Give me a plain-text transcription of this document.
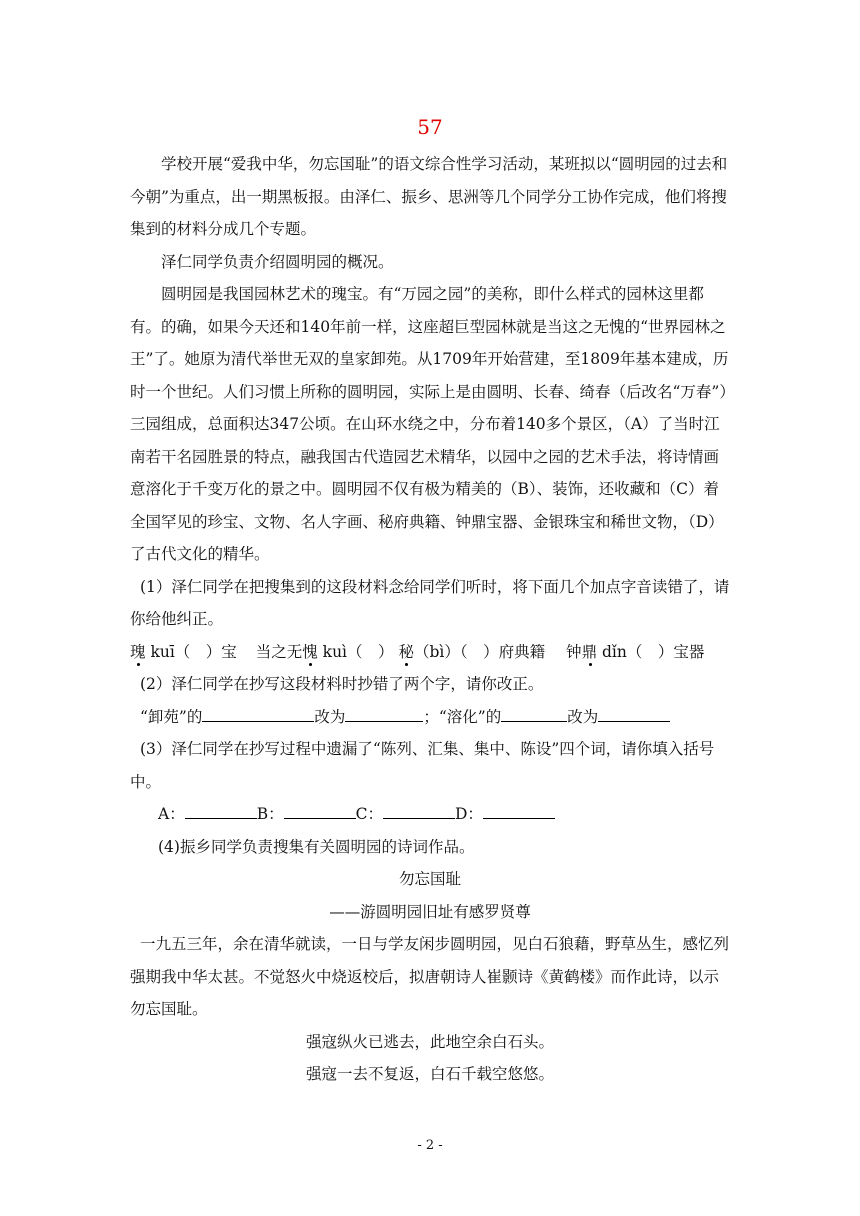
57

学校开展“爱我中华，勿忘国耻”的语文综合性学习活动，某班拟以“圆明园的过去和今朝”为重点，出一期黑板报。由泽仁、振乡、思洲等几个同学分工协作完成，他们将搜集到的材料分成几个专题。

泽仁同学负责介绍圆明园的概况。

圆明园是我国园林艺术的瑰宝。有“万园之园”的美称，即什么样式的园林这里都有。的确，如果今天还和140年前一样，这座超巨型园林就是当这之无愧的“世界园林之王”了。她原为清代举世无双的皇家卸苑。从1709年开始营建，至1809年基本建成，历时一个世纪。人们习惯上所称的圆明园，实际上是由圆明、长春、绮春（后改名“万春”）三园组成，总面积达347公顷。在山环水绕之中，分布着140多个景区，（A）了当时江南若干名园胜景的特点，融我国古代造园艺术精华，以园中之园的艺术手法，将诗情画意溶化于千变万化的景之中。圆明园不仅有极为精美的（B）、装饰，还收藏和（C）着全国罕见的珍宝、文物、名人字画、秘府典籍、钟鼎宝器、金银珠宝和稀世文物，（D）了古代文化的精华。

(1）泽仁同学在把搜集到的这段材料念给同学们听时，将下面几个加点字音读错了，请你给他纠正。

瑰 kuī（　）宝 当之无愧 kuì（　） 秘（bì）（　）府典籍 钟鼎 dǐn（　）宝器

(2）泽仁同学在抄写这段材料时抄错了两个字，请你改正。

“卸苑”的	改为	；“溶化”的	改为

(3）泽仁同学在抄写过程中遗漏了“陈列、汇集、集中、陈设”四个词，请你填入括号中。

A：	B：	C：	D：

(4)振乡同学负责搜集有关圆明园的诗词作品。

勿忘国耻

——游圆明园旧址有感罗贤尊

一九五三年，余在清华就读，一日与学友闲步圆明园，见白石狼藉，野草丛生，感忆列强期我中华太甚。不觉怒火中烧返校后，拟唐朝诗人崔颢诗《黄鹤楼》而作此诗，以示勿忘国耻。

强寇纵火已逃去，此地空余白石头。

强寇一去不复返，白石千载空悠悠。

- 2 -
